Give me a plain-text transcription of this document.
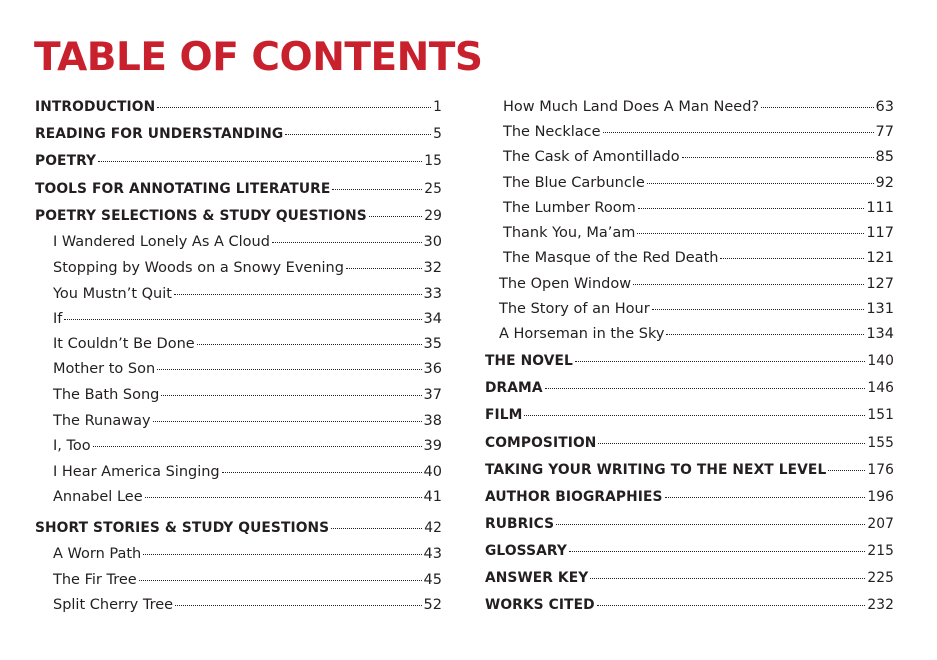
TABLE OF CONTENTS
INTRODUCTION	1
READING FOR UNDERSTANDING	5
POETRY	15
TOOLS FOR ANNOTATING LITERATURE	25
POETRY SELECTIONS & STUDY QUESTIONS	29
I Wandered Lonely As A Cloud	30
Stopping by Woods on a Snowy Evening	32
You Mustn’t Quit	33
If	34
It Couldn’t Be Done	35
Mother to Son	36
The Bath Song	37
The Runaway	38
I, Too	39
I Hear America Singing	40
Annabel Lee	41
SHORT STORIES & STUDY QUESTIONS	42
A Worn Path	43
The Fir Tree	45
Split Cherry Tree	52
How Much Land Does A Man Need?	63
The Necklace	77
The Cask of Amontillado	85
The Blue Carbuncle	92
The Lumber Room	111
Thank You, Ma’am	117
The Masque of the Red Death	121
The Open Window	127
The Story of an Hour	131
A Horseman in the Sky	134
THE NOVEL	140
DRAMA	146
FILM	151
COMPOSITION	155
TAKING YOUR WRITING TO THE NEXT LEVEL	176
AUTHOR BIOGRAPHIES	196
RUBRICS	207
GLOSSARY	215
ANSWER KEY	225
WORKS CITED	232
